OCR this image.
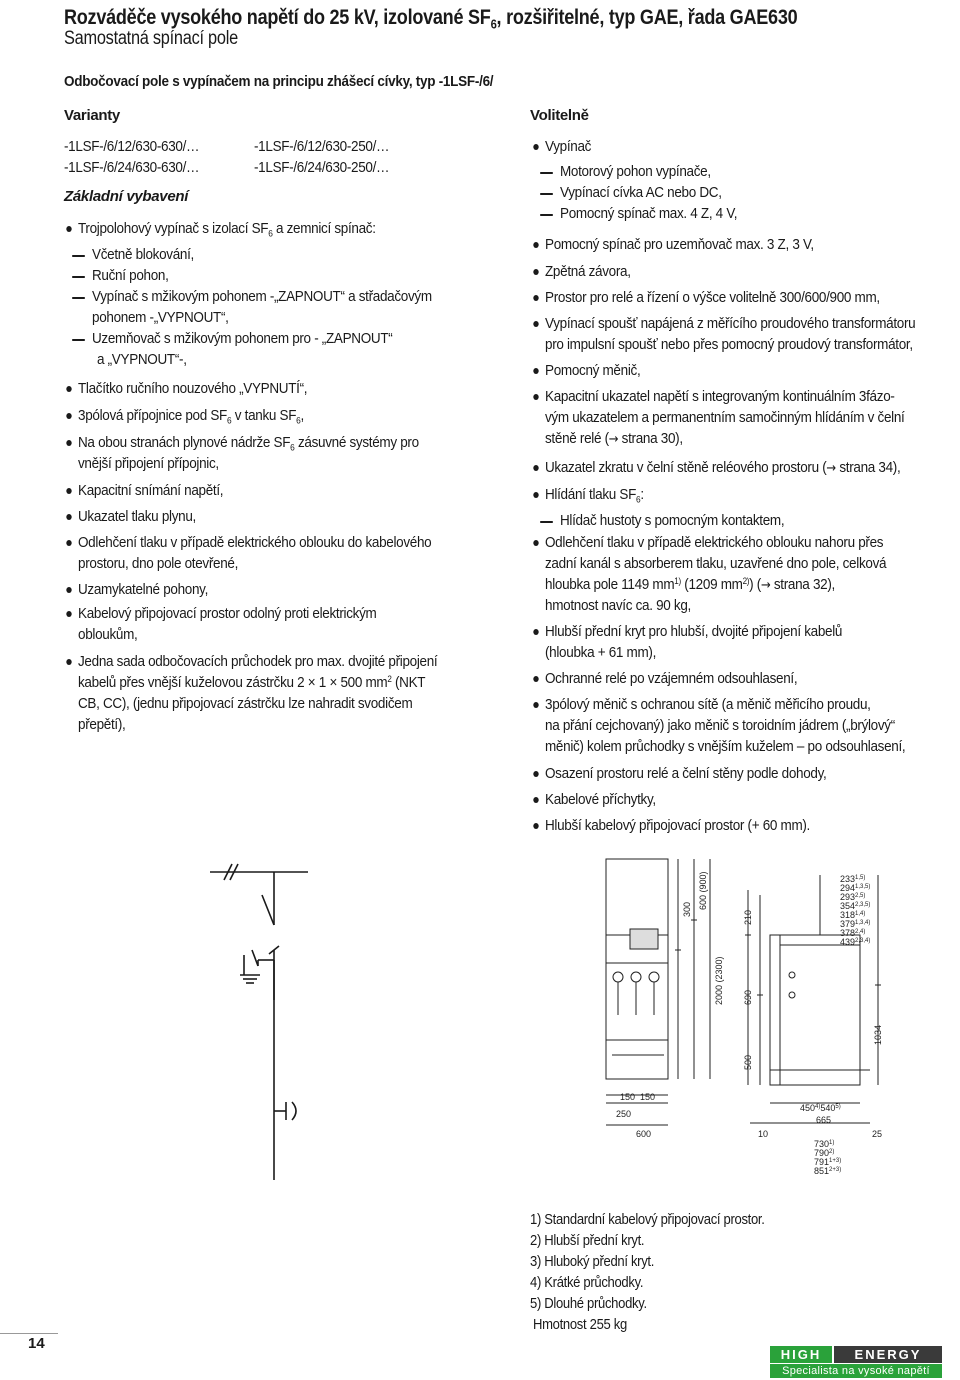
Rozváděče vysokého napětí do 25 kV, izolované $SF_6$, rozšiřitelné, typ GAE, řada GAE630
Samostatná spínací pole
Odbočovací pole s vypínačem na principu zhášecí cívky, typ -1LSF-/6/
Varianty
-1LSF-/6/12/630-630/…
-1LSF-/6/24/630-630/…
-1LSF-/6/12/630-250/…
-1LSF-/6/24/630-250/…
Základní vybavení
Trojpolohový vypínač s izolací $SF_6$ a zemnicí spínač:
Včetně blokování,
Ruční pohon,
Vypínač s mžikovým pohonem -„ZAPNOUT“ a střadačovým
pohonem -„VYPNOUT“,
Uzemňovač s mžikovým pohonem pro - „ZAPNOUT“
a „VYPNOUT“-,
Tlačítko ručního nouzového „VYPNUTÍ“,
3pólová přípojnice pod $SF_6$ v tanku $SF_6$,
Na obou stranách plynové nádrže $SF_6$ zásuvné systémy pro
vnější připojení přípojnic,
Kapacitní snímání napětí,
Ukazatel tlaku plynu,
Odlehčení tlaku v případě elektrického oblouku do kabelového
prostoru, dno pole otevřené,
Uzamykatelné pohony,
Kabelový připojovací prostor odolný proti elektrickým
obloukům,
Jedna sada odbočovacích průchodek pro max. dvojité připojení
kabelů přes vnější kuželovou zástrčku 2 × 1 × 500 $mm^2$ (NKT
CB, CC), (jednu připojovací zástrčku lze nahradit svodičem
přepětí),
Volitelně
Vypínač
Motorový pohon vypínače,
Vypínací cívka AC nebo DC,
Pomocný spínač max. 4 Z, 4 V,
Pomocný spínač pro uzemňovač max. 3 Z, 3 V,
Zpětná závora,
Prostor pro relé a řízení o výšce volitelně 300/600/900 mm,
Vypínací spoušť napájená z měřícího proudového transformátoru
pro impulsní spoušť nebo přes pomocný proudový transformátor,
Pomocný měnič,
Kapacitní ukazatel napětí s integrovaným kontinuálním 3fázo-
vým ukazatelem a permanentním samočinným hlídáním v čelní
stěně relé (→ strana 30),
Ukazatel zkratu v čelní stěně reléového prostoru (→ strana 34),
Hlídání tlaku $SF_6$:
Hlídač hustoty s pomocným kontaktem,
Odlehčení tlaku v případě elektrického oblouku nahoru přes
zadní kanál s absorberem tlaku, uzavřené dno pole, celková
hloubka pole 1149 $mm^{1)}$ (1209 $mm^{2)}$) (→ strana 32),
hmotnost navíc ca. 90 kg,
Hlubší přední kryt pro hlubší, dvojité připojení kabelů
(hloubka + 61 mm),
Ochranné relé po vzájemném odsouhlasení,
3pólový měnič s ochranou sítě (a měnič měřicího proudu,
na přání cejchovaný) jako měnič s toroidním jádrem („brýlový“
měnič) kolem průchodky s vnějším kuželem – po odsouhlasení,
Osazení prostoru relé a čelní stěny podle dohody,
Kabelové příchytky,
Hlubší kabelový připojovací prostor (+ 60 mm).
300 600 (900)
2000 (2300)
150 150
250
600
210
690
500
1034
450$^{4)}$540$^{5)}$
665
10	25
730$^{1)}$
790$^{2)}$
$791^{1+3)}$
$851^{2+3)}$
233$^{1,5)}$
294$^{1,3,5)}$
293$^{2,5)}$
354$^{2,3,5)}$
318$^{1,4)}$
379$^{1,3,4)}$
378$^{2,4)}$
439$^{2,3,4)}$
1) Standardní kabelový připojovací prostor.
2) Hlubší přední kryt.
3) Hluboký přední kryt.
4) Krátké průchodky.
5) Dlouhé průchodky.
Hmotnost 255 kg
14
HIGH	ENERGY
Specialista na vysoké napětí
